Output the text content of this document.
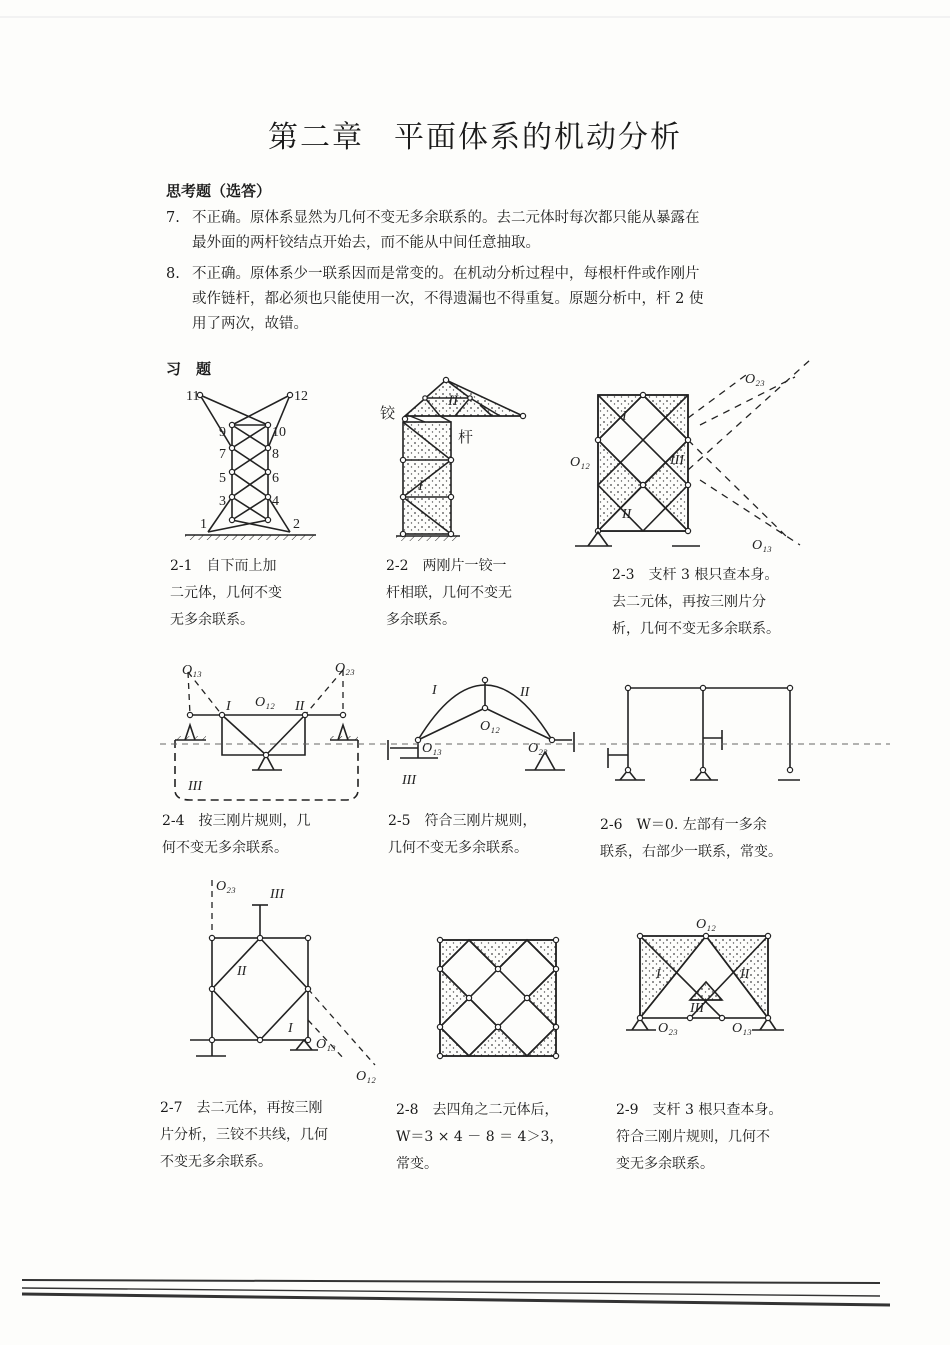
第二章 平面体系的机动分析
思考题（选答）
7. 不正确。原体系显然为几何不变无多余联系的。去二元体时每次都只能从暴露在
最外面的两杆铰结点开始去，而不能从中间任意抽取。
8. 不正确。原体系少一联系因而是常变的。在机动分析过程中，每根杆件或作刚片
或作链杆，都必须也只能使用一次，不得遗漏也不得重复。原题分析中，杆 2 使
用了两次，故错。
习　题
2-1　自下而上加
二元体，几何不变
无多余联系。
2-2　两刚片一铰一
杆相联，几何不变无
多余联系。
2-3　支杆 3 根只查本身。
去二元体，再按三刚片分
析，几何不变无多余联系。
2-4　按三刚片规则，几
何不变无多余联系。
2-5　符合三刚片规则，
几何不变无多余联系。
2-6　W＝0. 左部有一多余
联系，右部少一联系，常变。
2-7　去二元体，再按三刚
片分析，三铰不共线，几何
不变无多余联系。
2-8　去四角之二元体后，
W＝3 × 4 － 8 ＝ 4＞3，
常变。
2-9　支杆 3 根只查本身。
符合三刚片规则，几何不
变无多余联系。
11	12
9	10
7	8
5	6
3	4
1	2
铰
杆
I
II
I
III
II
O₁₂
O₂₃
O₁₃
O₁₃	O₂₃
O₁₂
I	II
III
I	II
O₁₂
O₁₃	O₂₃
III
O₂₃
III
II
I
O₁₃
O₁₂
O₁₂
I	II
III
O₂₃	O₁₃
